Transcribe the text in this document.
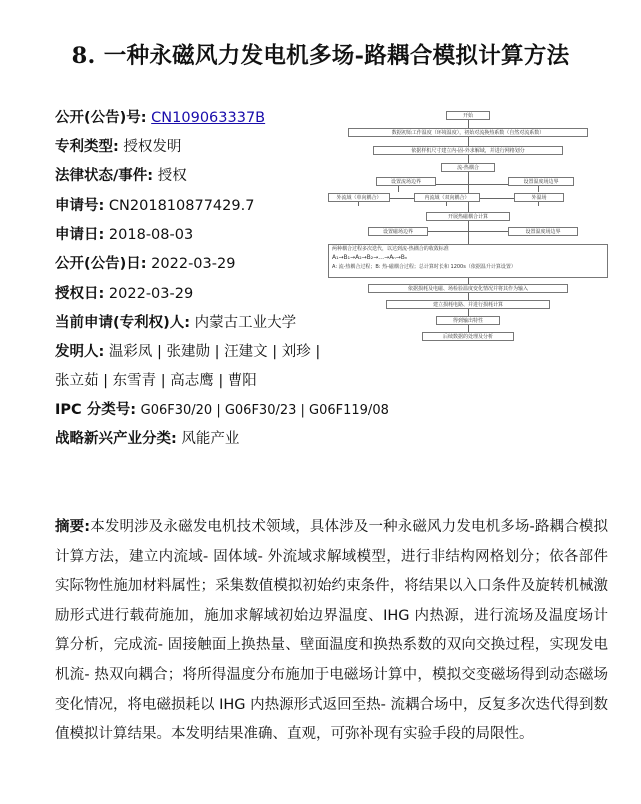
8. 一种永磁风力发电机多场-路耦合模拟计算方法
公开(公告)号: CN109063337B
专利类型: 授权发明
法律状态/事件: 授权
申请号: CN201810877429.7
申请日: 2018-08-03
公开(公告)日: 2022-03-29
授权日: 2022-03-29
当前申请(专利权)人: 内蒙古工业大学
发明人: 温彩凤 | 张建勋 | 汪建文 | 刘珍 | 张立茹 | 东雪青 | 高志鹰 | 曹阳
IPC 分类号: G06F30/20 | G06F30/23 | G06F119/08
战略新兴产业分类: 风能产业
开始
数据初始工作温度（环境温度），初始对流换热系数（自然对流系数）
依据样机尺寸建立内-固-外求解域，并进行网格划分
流-热耦合
设置流场边界	设置温度场边界
外流域（单向耦合）	内流域（双向耦合）	外温场
开展热磁耦合计算
设置磁场边界	设置温度场边界
两种耦合过程多次迭代，以达到流-热耦合的收敛标准
A₁→B₁→A₂→B₂→…→Aₙ→Bₙ
A: 流-热耦合过程；B: 热-磁耦合过程；总计算时长和 1200s（依据温升计算设置）
依据损耗及电磁、场检验温度变化情况并将其作为输入
建立损耗电路、并进行损耗计算
得到输出特性
后续数据的处理及分析
摘要:本发明涉及永磁发电机技术领域，具体涉及一种永磁风力发电机多场-路耦合模拟计算方法，建立内流域- 固体域- 外流域求解域模型，进行非结构网格划分；依各部件实际物性施加材料属性；采集数值模拟初始约束条件，将结果以入口条件及旋转机械激励形式进行载荷施加，施加求解域初始边界温度、IHG 内热源，进行流场及温度场计算分析，完成流- 固接触面上换热量、壁面温度和换热系数的双向交换过程，实现发电机流- 热双向耦合；将所得温度分布施加于电磁场计算中，模拟交变磁场得到动态磁场变化情况，将电磁损耗以 IHG 内热源形式返回至热- 流耦合场中，反复多次迭代得到数值模拟计算结果。本发明结果准确、直观，可弥补现有实验手段的局限性。
